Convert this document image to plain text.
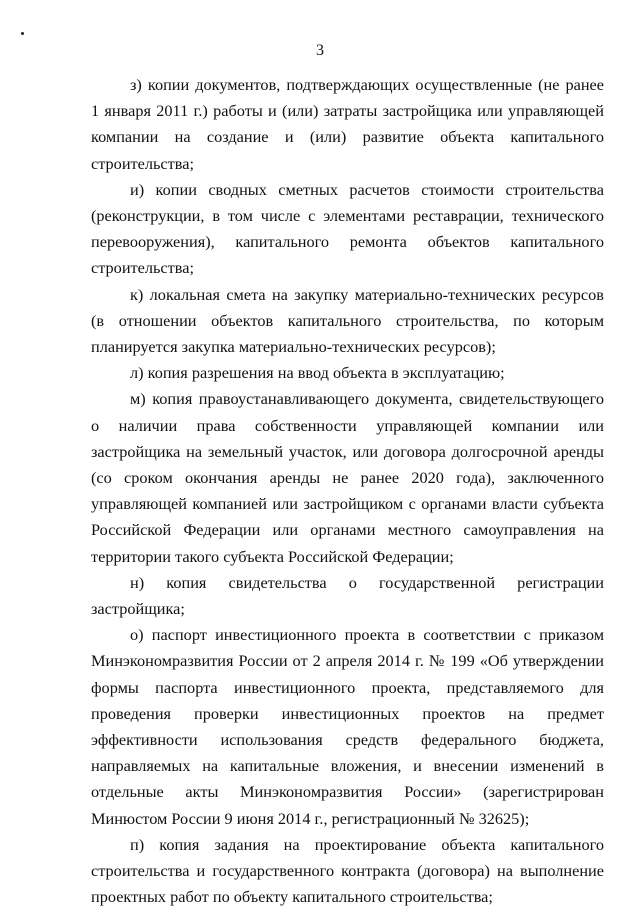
3

з) копии документов, подтверждающих осуществленные (не ранее 1 января 2011 г.) работы и (или) затраты застройщика или управляющей компании на создание и (или) развитие объекта капитального строительства;

и) копии сводных сметных расчетов стоимости строительства (реконструкции, в том числе с элементами реставрации, технического перевооружения), капитального ремонта объектов капитального строительства;

к) локальная смета на закупку материально-технических ресурсов (в отношении объектов капитального строительства, по которым планируется закупка материально-технических ресурсов);

л) копия разрешения на ввод объекта в эксплуатацию;

м) копия правоустанавливающего документа, свидетельствующего о наличии права собственности управляющей компании или застройщика на земельный участок, или договора долгосрочной аренды (со сроком окончания аренды не ранее 2020 года), заключенного управляющей компанией или застройщиком с органами власти субъекта Российской Федерации или органами местного самоуправления на территории такого субъекта Российской Федерации;

н) копия свидетельства о государственной регистрации застройщика;

о) паспорт инвестиционного проекта в соответствии с приказом Минэкономразвития России от 2 апреля 2014 г. № 199 «Об утверждении формы паспорта инвестиционного проекта, представляемого для проведения проверки инвестиционных проектов на предмет эффективности использования средств федерального бюджета, направляемых на капитальные вложения, и внесении изменений в отдельные акты Минэкономразвития России» (зарегистрирован Минюстом России 9 июня 2014 г., регистрационный № 32625);

п) копия задания на проектирование объекта капитального строительства и государственного контракта (договора) на выполнение проектных работ по объекту капитального строительства;
